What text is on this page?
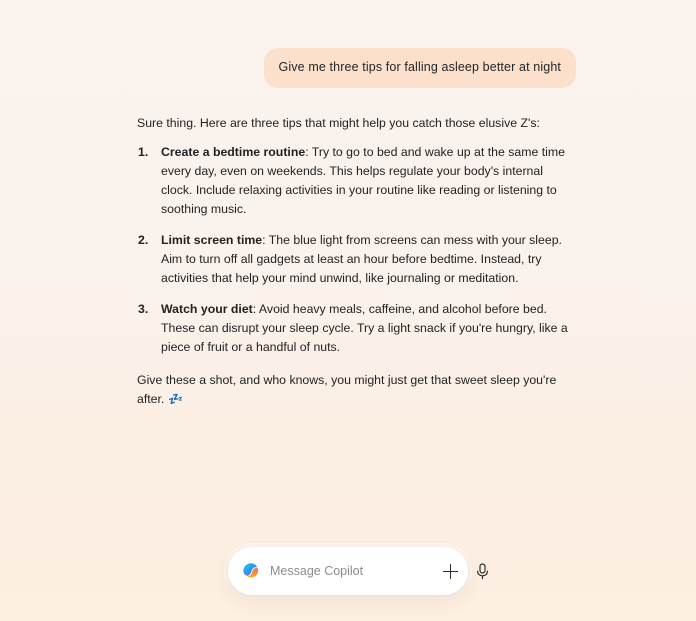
Give me three tips for falling asleep better at night

Sure thing. Here are three tips that might help you catch those elusive Z's:

Create a bedtime routine: Try to go to bed and wake up at the same time every day, even on weekends. This helps regulate your body's internal clock. Include relaxing activities in your routine like reading or listening to soothing music.
Limit screen time: The blue light from screens can mess with your sleep. Aim to turn off all gadgets at least an hour before bedtime. Instead, try activities that help your mind unwind, like journaling or meditation.
Watch your diet: Avoid heavy meals, caffeine, and alcohol before bed. These can disrupt your sleep cycle. Try a light snack if you're hungry, like a piece of fruit or a handful of nuts.

Give these a shot, and who knows, you might just get that sweet sleep you're after. 💤

Message Copilot
